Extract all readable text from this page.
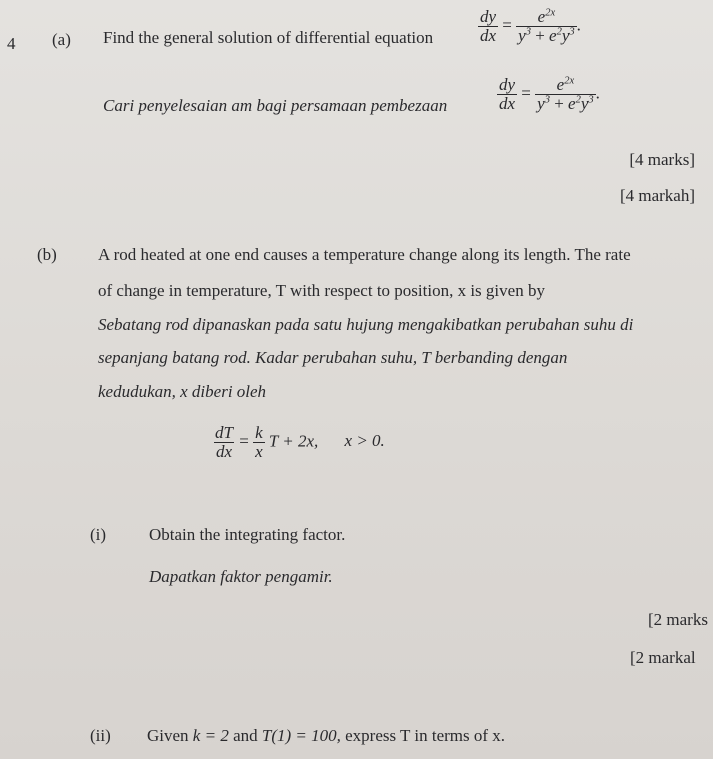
4 (a) Find the general solution of differential equation	$\frac{dy}{dx} = \frac{e^{2x}}{y^3 + e^2y^3}$ .
Cari penyelesaian am bagi persamaan pembezaan	$\frac{dy}{dx} = \frac{e^{2x}}{y^3 + e^2y^3}$ .
[4 marks]
[4 markah]
(b) A rod heated at one end causes a temperature change along its length. The rate
of change in temperature, T with respect to position, x is given by
Sebatang rod dipanaskan pada satu hujung mengakibatkan perubahan suhu di
sepanjang batang rod. Kadar perubahan suhu, T berbanding dengan
kedudukan, x diberi oleh
$\frac{dT}{dx} = \frac{k}{x}$ T + 2x, x > 0.
(i)	Obtain the integrating factor.
Dapatkan faktor pengamir.
[2 marks
[2 markal
(ii) Given k = 2 and T(1) = 100, express T in terms of x.
